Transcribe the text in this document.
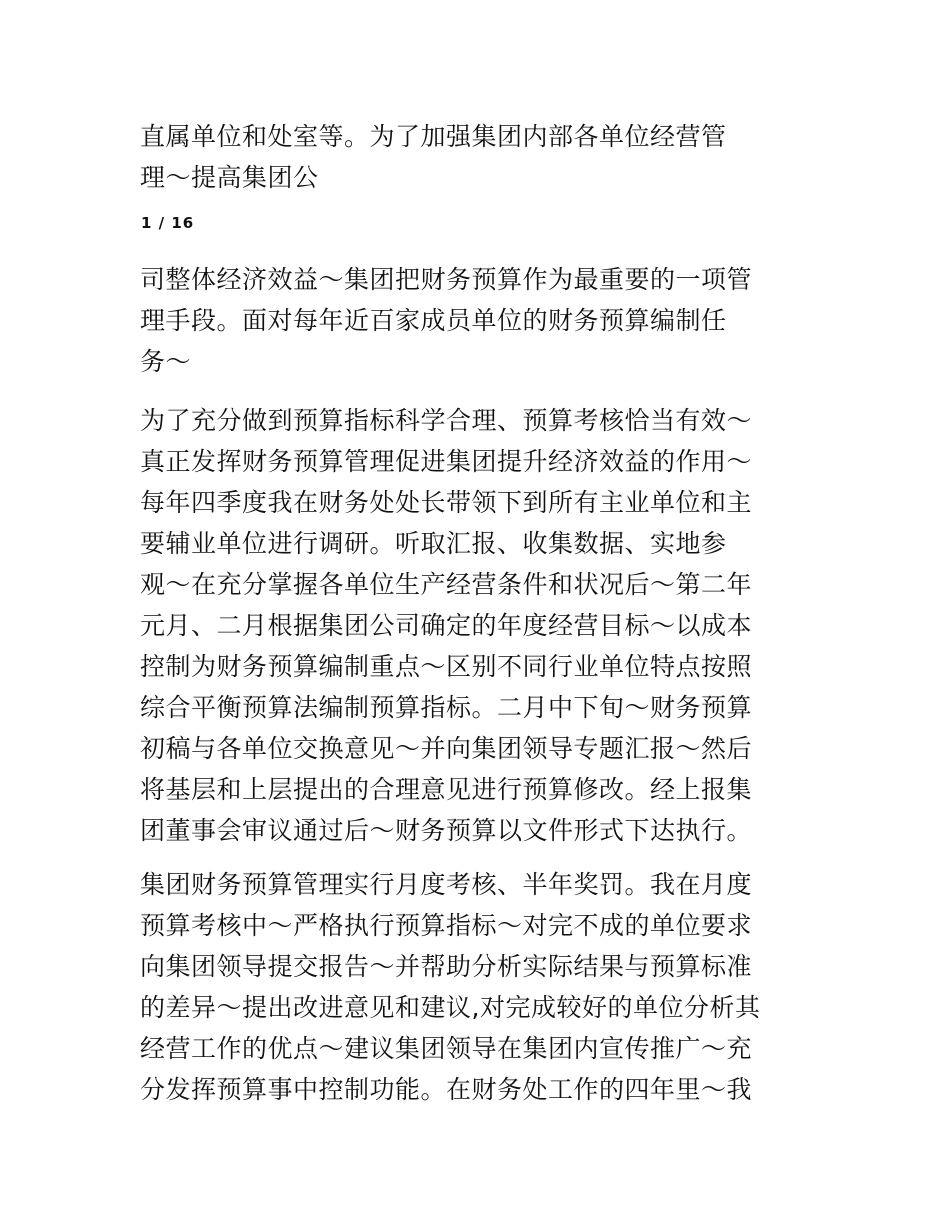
直属单位和处室等。为了加强集团内部各单位经营管
理～提高集团公
1 / 16
司整体经济效益～集团把财务预算作为最重要的一项管
理手段。面对每年近百家成员单位的财务预算编制任
务～
为了充分做到预算指标科学合理、预算考核恰当有效～
真正发挥财务预算管理促进集团提升经济效益的作用～
每年四季度我在财务处处长带领下到所有主业单位和主
要辅业单位进行调研。听取汇报、收集数据、实地参
观～在充分掌握各单位生产经营条件和状况后～第二年
元月、二月根据集团公司确定的年度经营目标～以成本
控制为财务预算编制重点～区别不同行业单位特点按照
综合平衡预算法编制预算指标。二月中下旬～财务预算
初稿与各单位交换意见～并向集团领导专题汇报～然后
将基层和上层提出的合理意见进行预算修改。经上报集
团董事会审议通过后～财务预算以文件形式下达执行。
集团财务预算管理实行月度考核、半年奖罚。我在月度
预算考核中～严格执行预算指标～对完不成的单位要求
向集团领导提交报告～并帮助分析实际结果与预算标准
的差异～提出改进意见和建议,对完成较好的单位分析其
经营工作的优点～建议集团领导在集团内宣传推广～充
分发挥预算事中控制功能。在财务处工作的四年里～我
